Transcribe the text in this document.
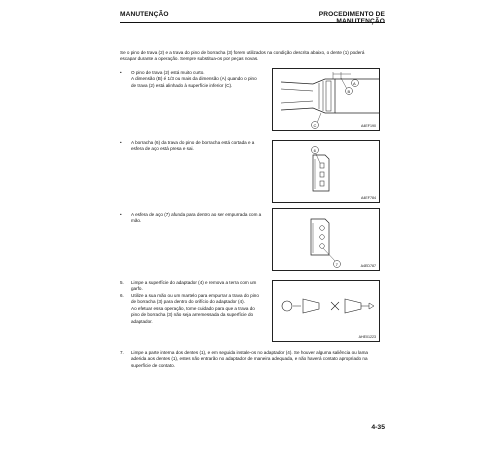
MANUTENÇÃO	PROCEDIMENTO DE MANUTENÇÃO
Se o pino de trava (2) e a trava do pino de borracha (3) forem utilizados na condição descrita abaixo, o dente (1) poderá
escapar durante a operação. Sempre substitua-os por peças novas.
• O pino de trava (2) está muito curto.
A dimensão (B) é 1/3 ou mais da dimensão (A) quando o pino
de trava (2) está alinhado à superfície inferior (C).	A
B
C	A4EF190
• A borracha (6) da trava do pino de borracha está cortada e a
esfera de aço está presa e sai.	6
A4EF784
• A esfera de aço (7) afunda para dentro ao ser empurrada com a
mão.
7	A4ED787
5. Limpe a superfície do adaptador (4) e remova a terra com um
garfo.
6. Utilize a sua mão ou um martelo para empurrar a trava do pino
de borracha (3) para dentro do orifício do adaptador (4).
Ao efetuar essa operação, tome cuidado para que a trava do
pino de borracha (3) não seja arremessada da superfície do
adaptador.
AHE01223
7. Limpe a parte interna dos dentes (1), e em seguida instale-os no adaptador (4). Se houver alguma saliência ou lama
aderida aos dentes (1), estes não entrarão no adaptador de maneira adequada, e não haverá contato apropriado na
superfície de contato.
4-35
